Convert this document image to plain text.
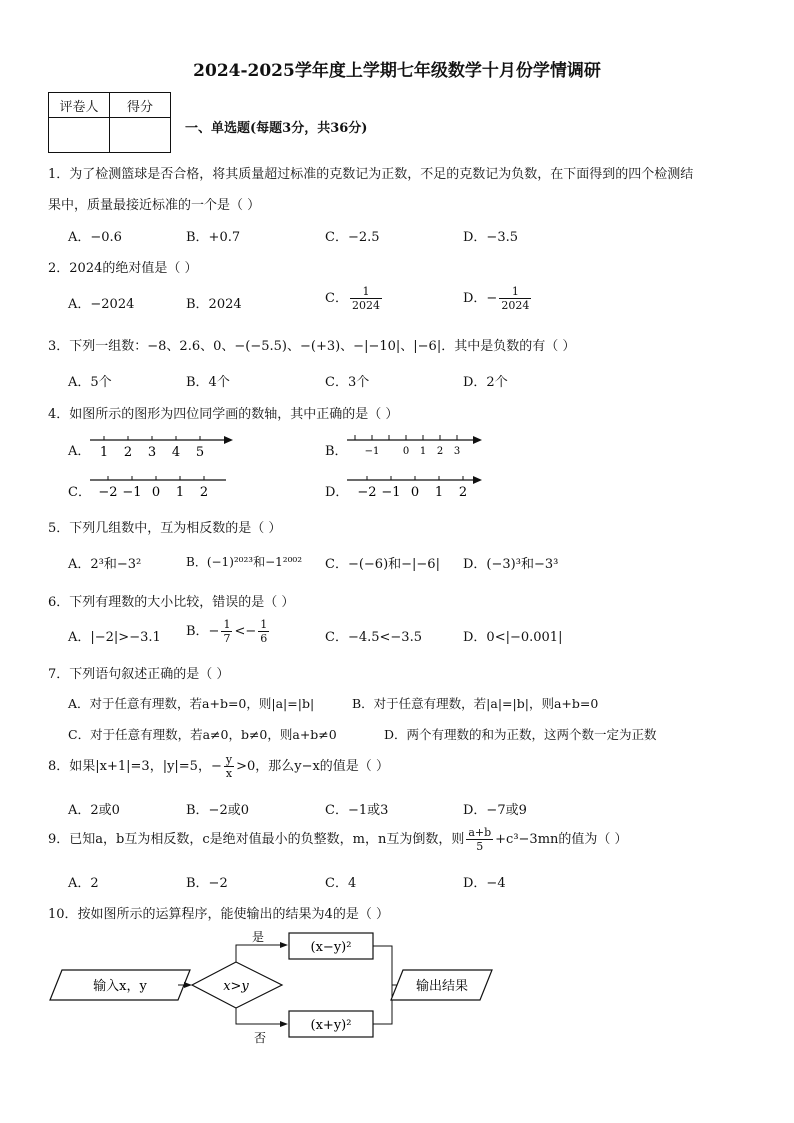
2024-2025学年度上学期七年级数学十月份学情调研
评卷人	得分

一、单选题(每题3分，共36分)
1．为了检测篮球是否合格，将其质量超过标准的克数记为正数，不足的克数记为负数，在下面得到的四个检测结
果中，质量最接近标准的一个是（ ）
A．−0.6	B．+0.7	C．−2.5	D．−3.5
2．2024的绝对值是（ ）
A．−2024	B．2024	C． $\frac{1}{2024}$	D．− $\frac{1}{2024}$
3．下列一组数：−8、2.6、0、−(−5.5)、−(+3)、−|−10|、|−6|．其中是负数的有（ ）
A．5个	B．4个	C．3个	D．2个
4．如图所示的图形为四位同学画的数轴，其中正确的是（ ）
A．	B．
C．	D．
1 2 3 4 5	−1 0 1 2 3
−2 −1 0 1 2	−2 −1 0 1 2
5．下列几组数中，互为相反数的是（ ）
A．2³和−3²	B．(−1)²⁰²³和−1²⁰⁰² C．−(−6)和−|−6| D．(−3)³和−3³
6．下列有理数的大小比较，错误的是（ ）
A．|−2|>−3.1 B．− $\frac{1}{7} <- \frac{1}{6}$	C．−4.5<−3.5	D．0<|−0.001|
7．下列语句叙述正确的是（ ）
A．对于任意有理数，若a+b=0，则|a|=|b|	B．对于任意有理数，若|a|=|b|，则a+b=0
C．对于任意有理数，若a≠0，b≠0，则a+b≠0	D．两个有理数的和为正数，这两个数一定为正数
8．如果|x+1|=3，|y|=5，− $\frac{y}{x} >0$，那么y−x的值是（ ）
A．2或0	B．−2或0	C．−1或3	D．−7或9
9．已知a，b互为相反数，c是绝对值最小的负整数，m，n互为倒数，则 $\frac{a+b}{5} +c^3-3mn$的值为（ ）
A．2	B．−2	C．4	D．−4
10．按如图所示的运算程序，能使输出的结果为4的是（ ）
输入x，y	x>y
是
否
(x−y)²
(x+y)²
输出结果
